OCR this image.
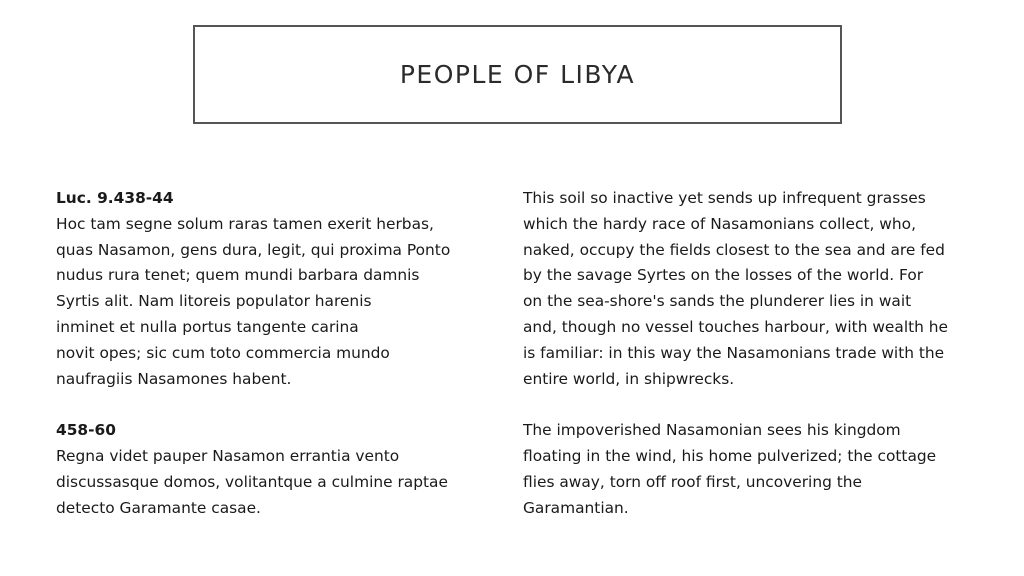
PEOPLE OF LIBYA
Luc. 9.438-44
Hoc tam segne solum raras tamen exerit herbas,
quas Nasamon, gens dura, legit, qui proxima Ponto
nudus rura tenet; quem mundi barbara damnis
Syrtis alit. Nam litoreis populator harenis
inminet et nulla portus tangente carina
novit opes; sic cum toto commercia mundo
naufragiis Nasamones habent.
458-60
Regna videt pauper Nasamon errantia vento
discussasque domos, volitantque a culmine raptae
detecto Garamante casae.
This soil so inactive yet sends up infrequent grasses
which the hardy race of Nasamonians collect, who,
naked, occupy the fields closest to the sea and are fed
by the savage Syrtes on the losses of the world. For
on the sea-shore's sands the plunderer lies in wait
and, though no vessel touches harbour, with wealth he
is familiar: in this way the Nasamonians trade with the
entire world, in shipwrecks.
The impoverished Nasamonian sees his kingdom
floating in the wind, his home pulverized; the cottage
flies away, torn off roof first, uncovering the
Garamantian.
